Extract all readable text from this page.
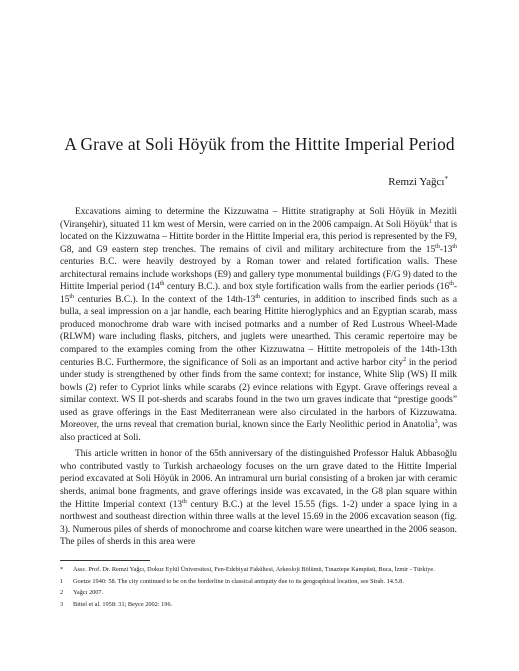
A Grave at Soli Höyük from the Hittite Imperial Period
Remzi Yağcı*

Excavations aiming to determine the Kizzuwatna – Hittite stratigraphy at Soli Höyük in Mezitli (Viranşehir), situated 11 km west of Mersin, were carried on in the 2006 campaign. At Soli Höyük$^1$ that is located on the Kizzuwatna – Hittite border in the Hittite Imperial era, this period is represented by the F9, G8, and G9 eastern step trenches. The remains of civil and military architecture from the 15th-13th centuries B.C. were heavily destroyed by a Roman tower and related fortification walls. These architectural remains include workshops (E9) and gallery type monumental buildings (F/G 9) dated to the Hittite Imperial period (14th century B.C.). and box style fortification walls from the earlier periods (16th-15th centuries B.C.). In the context of the 14th-13th centuries, in addition to inscribed finds such as a bulla, a seal impression on a jar handle, each bearing Hittite hieroglyphics and an Egyptian scarab, mass produced monochrome drab ware with incised potmarks and a number of Red Lustrous Wheel-Made (RLWM) ware including flasks, pitchers, and juglets were unearthed. This ceramic repertoire may be compared to the examples coming from the other Kizzuwatna – Hittite metropoleis of the 14th-13th centuries B.C. Furthermore, the significance of Soli as an important and active harbor city$^2$ in the period under study is strengthened by other finds from the same context; for instance, White Slip (WS) II milk bowls (2) refer to Cypriot links while scarabs (2) evince relations with Egypt. Grave offerings reveal a similar context. WS II pot-sherds and scarabs found in the two urn graves indicate that “prestige goods” used as grave offerings in the East Mediterranean were also circulated in the harbors of Kizzuwatna. Moreover, the urns reveal that cremation burial, known since the Early Neolithic period in Anatolia$^3$, was also practiced at Soli.

This article written in honor of the 65th anniversary of the distinguished Professor Haluk Abbasoğlu who contributed vastly to Turkish archaeology focuses on the urn grave dated to the Hittite Imperial period excavated at Soli Höyük in 2006. An intramural urn burial consisting of a broken jar with ceramic sherds, animal bone fragments, and grave offerings inside was excavated, in the G8 plan square within the Hittite Imperial context (13th century B.C.) at the level 15.55 (figs. 1-2) under a space lying in a northwest and southeast direction within three walls at the level 15.69 in the 2006 excavation season (fig. 3). Numerous piles of sherds of monochrome and coarse kitchen ware were unearthed in the 2006 season. The piles of sherds in this area were

*	Assc. Prof. Dr. Remzi Yağcı, Dokuz Eylül Üniversitesi, Fen-Edebiyat Fakültesi, Arkeoloji Bölümü, Tınaztepe Kampüsü, Buca, İzmir - Türkiye.
1	Goetze 1940: 58. The city continued to be on the borderline in classical antiquity due to its geographical location, see Strab. 14.5.8.
2	Yağcı 2007.
3	Bittel et al. 1958: 31; Beyce 2002: 196.
